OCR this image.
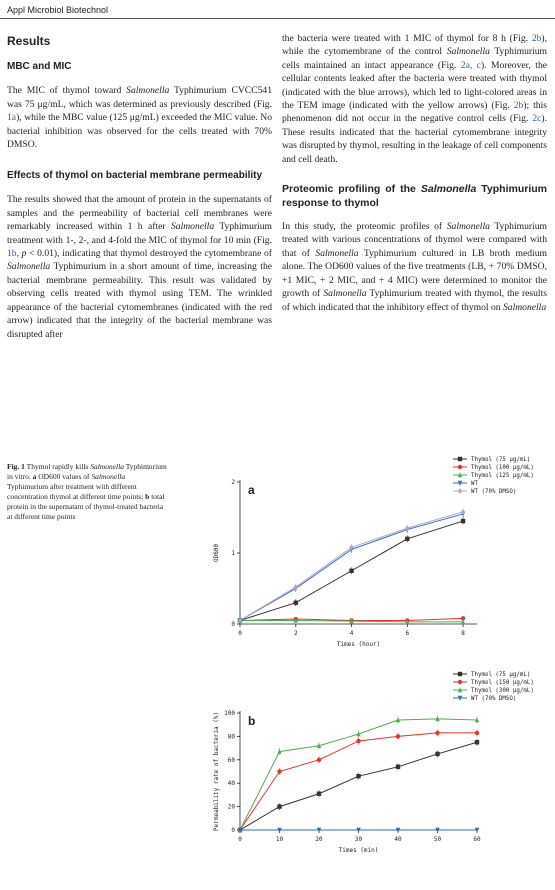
Appl Microbiol Biotechnol
Results
MBC and MIC

The MIC of thymol toward Salmonella Typhimurium CVCC541 was 75 μg/mL, which was determined as previously described (Fig. 1a), while the MBC value (125 μg/mL) exceeded the MIC value. No bacterial inhibition was observed for the cells treated with 70% DMSO.

Effects of thymol on bacterial membrane permeability

The results showed that the amount of protein in the supernatants of samples and the permeability of bacterial cell membranes were remarkably increased within 1 h after Salmonella Typhimurium treatment with 1-, 2-, and 4-fold the MIC of thymol for 10 min (Fig. 1b, p < 0.01), indicating that thymol destroyed the cytomembrane of Salmonella Typhimurium in a short amount of time, increasing the bacterial membrane permeability. This result was validated by observing cells treated with thymol using TEM. The wrinkled appearance of the bacterial cytomembranes (indicated with the red arrow) indicated that the integrity of the bacterial membrane was disrupted after

the bacteria were treated with 1 MIC of thymol for 8 h (Fig. 2b), while the cytomembrane of the control Salmonella Typhimurium cells maintained an intact appearance (Fig. 2a, c). Moreover, the cellular contents leaked after the bacteria were treated with thymol (indicated with the blue arrows), which led to light-colored areas in the TEM image (indicated with the yellow arrows) (Fig. 2b); this phenomenon did not occur in the negative control cells (Fig. 2c). These results indicated that the bacterial cytomembrane integrity was disrupted by thymol, resulting in the leakage of cell components and cell death.

Proteomic profiling of the Salmonella Typhimurium response to thymol

In this study, the proteomic profiles of Salmonella Typhimurium treated with various concentrations of thymol were compared with that of Salmonella Typhimurium cultured in LB broth medium alone. The OD600 values of the five treatments (LB, + 70% DMSO, +1 MIC, + 2 MIC, and + 4 MIC) were determined to monitor the growth of Salmonella Typhimurium treated with thymol, the results of which indicated that the inhibitory effect of thymol on Salmonella

Fig. 1 Thymol rapidly kills Salmonella Typhimurium in vitro. a OD600 values of Salmonella Typhimurium after treatment with different concentration thymol at different time points; b total protein in the supernatant of thymol-treated bacteria at different time points
a
0
1
2
0	2	4	6	8
Times (hour)
OD600
Thymol (75 μg/mL)
Thymol (100 μg/mL)
Thymol (125 μg/mL)
WT
WT (70% DMSO)
b
0
20
40
60
80
100
0	10	20	30	40	50	60
Times (min)
Permeability rate of bacteria (%)
Thymol (75 μg/mL)
Thymol (150 μg/mL)
Thymol (300 μg/mL)
WT (70% DMSO)
